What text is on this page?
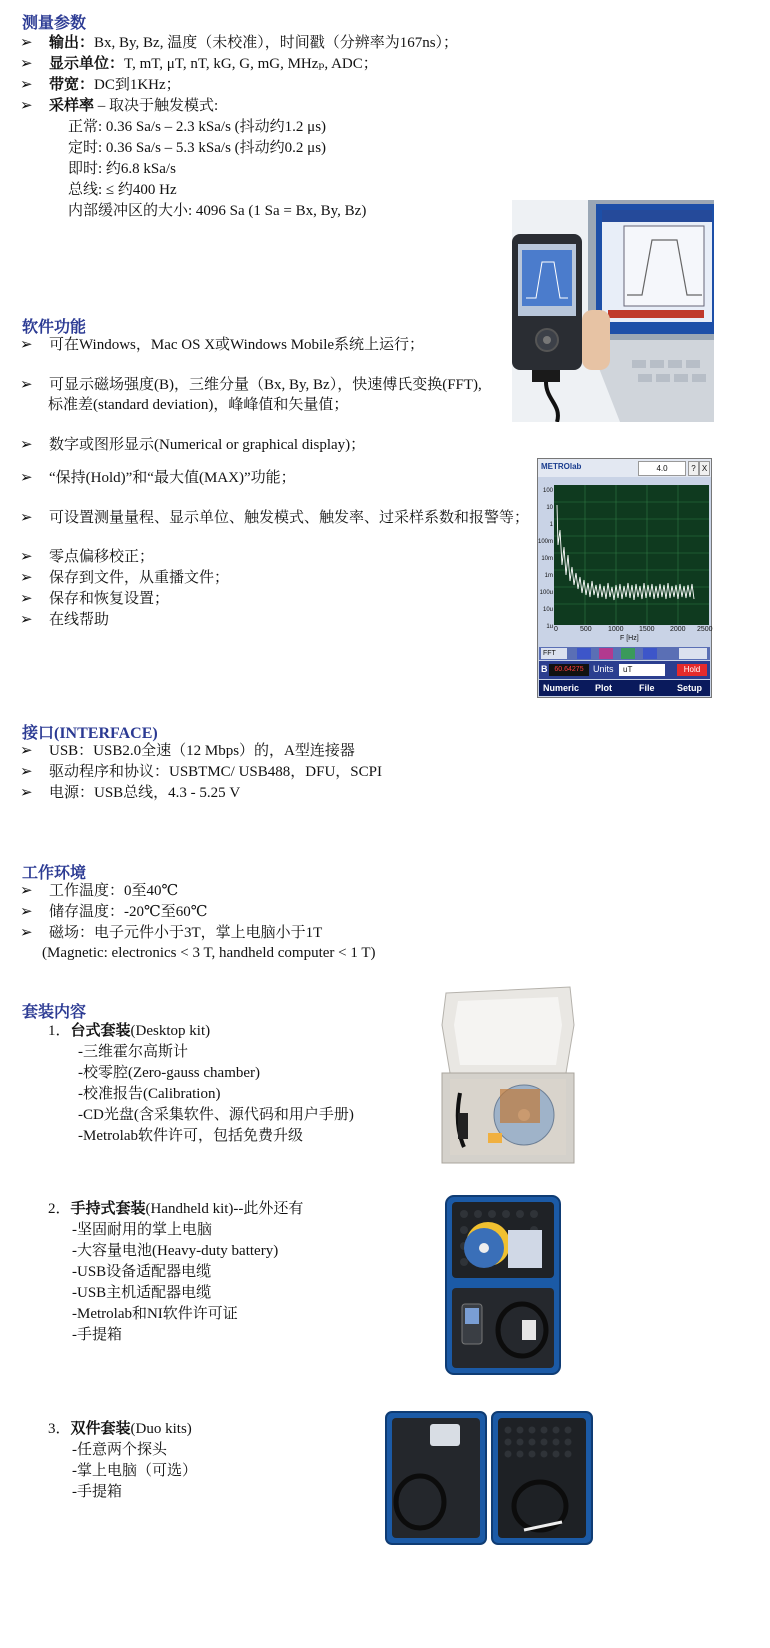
测量参数
➢ 输出：Bx, By, Bz, 温度（未校准），时间戳（分辨率为167ns）；
➢ 显示单位：T, mT, μT, nT, kG, G, mG, MHzₚ, ADC；
➢ 带宽：DC到1KHz；
➢ 采样率 – 取决于触发模式:
正常: 0.36 Sa/s – 2.3 kSa/s (抖动约1.2 μs)
定时: 0.36 Sa/s – 5.3 kSa/s (抖动约0.2 μs)
即时: 约6.8 kSa/s
总线: ≤ 约400 Hz
内部缓冲区的大小: 4096 Sa (1 Sa = Bx, By, Bz)
软件功能
➢ 可在Windows，Mac OS X或Windows Mobile系统上运行；
➢ 可显示磁场强度(B)，三维分量（Bx, By, Bz），快速傅氏变换(FFT),
标准差(standard deviation)，峰峰值和矢量值；
➢ 数字或图形显示(Numerical or graphical display)；
➢ “保持(Hold)”和“最大值(MAX)”功能；
➢ 可设置测量量程、显示单位、触发模式、触发率、过采样系数和报警等；
➢ 零点偏移校正；
➢ 保存到文件，从重播文件；
➢ 保存和恢复设置；
➢ 在线帮助
METROlab	4.0	? X
100
10
1
100m
10m
1m
100u
10u
1u 0	500 1000 1500 2000 2500
F [Hz]
FFT
B 60.64275	Units	uT	Hold
Numeric Plot	File Setup
接口(INTERFACE)
➢ USB：USB2.0全速（12 Mbps）的，A型连接器
➢ 驱动程序和协议：USBTMC/ USB488，DFU，SCPI
➢ 电源：USB总线，4.3 - 5.25 V
工作环境
➢ 工作温度：0至40℃
➢ 储存温度：-20℃至60℃
➢ 磁场：电子元件小于3T，掌上电脑小于1T
(Magnetic: electronics < 3 T, handheld computer < 1 T)
套装内容
1．台式套装(Desktop kit)
-三维霍尔高斯计
-校零腔(Zero-gauss chamber)
-校准报告(Calibration)
-CD光盘(含采集软件、源代码和用户手册)
-Metrolab软件许可，包括免费升级
2．手持式套装(Handheld kit)--此外还有
-坚固耐用的掌上电脑
-大容量电池(Heavy-duty battery)
-USB设备适配器电缆
-USB主机适配器电缆
-Metrolab和NI软件许可证
-手提箱
3．双件套装(Duo kits)
-任意两个探头
-掌上电脑（可选）
-手提箱
